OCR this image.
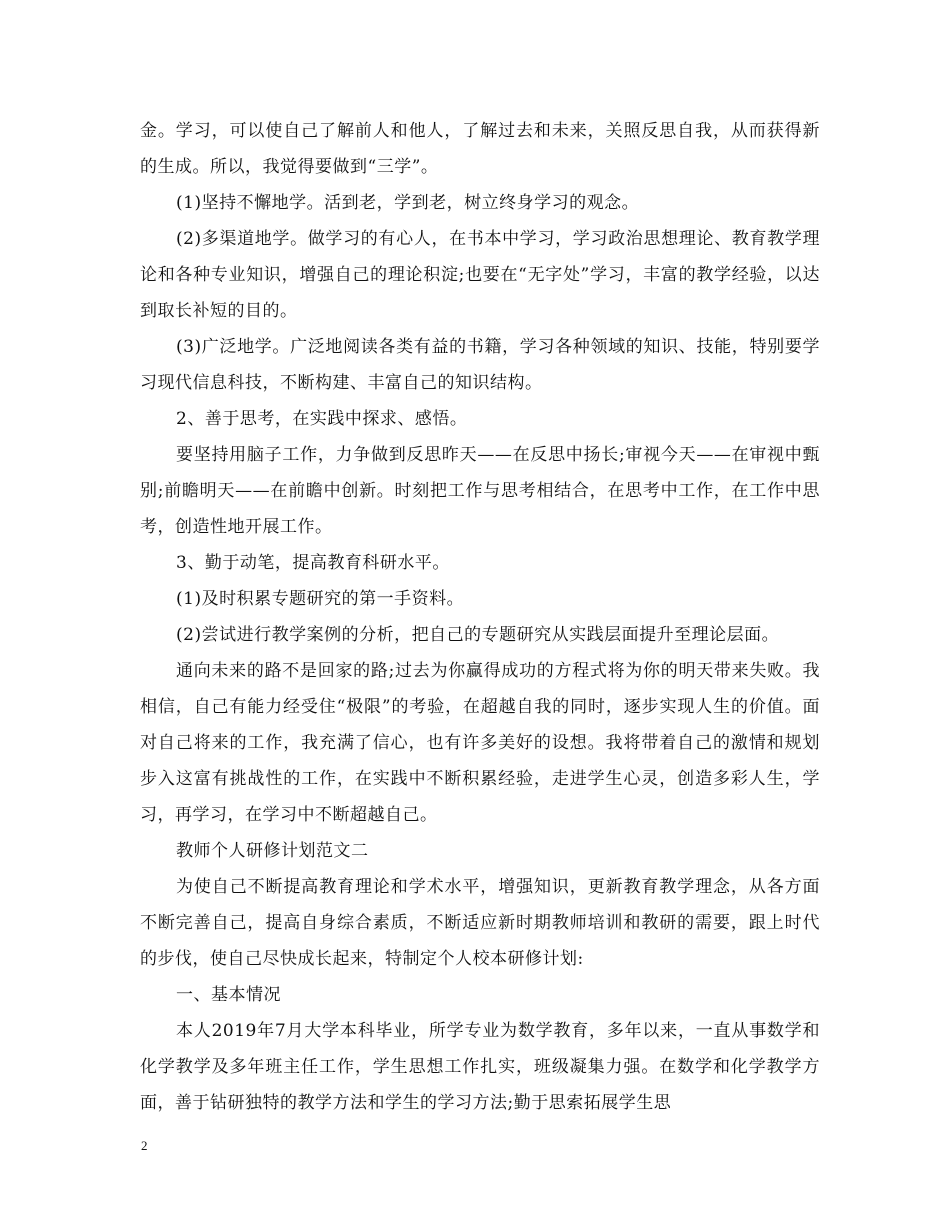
金。学习，可以使自己了解前人和他人，了解过去和未来，关照反思自我，从而获得新的生成。所以，我觉得要做到“三学”。

(1)坚持不懈地学。活到老，学到老，树立终身学习的观念。

(2)多渠道地学。做学习的有心人，在书本中学习，学习政治思想理论、教育教学理论和各种专业知识，增强自己的理论积淀;也要在“无字处”学习，丰富的教学经验，以达到取长补短的目的。

(3)广泛地学。广泛地阅读各类有益的书籍，学习各种领域的知识、技能，特别要学习现代信息科技，不断构建、丰富自己的知识结构。

2、善于思考，在实践中探求、感悟。

要坚持用脑子工作，力争做到反思昨天——在反思中扬长;审视今天——在审视中甄别;前瞻明天——在前瞻中创新。时刻把工作与思考相结合，在思考中工作，在工作中思考，创造性地开展工作。

3、勤于动笔，提高教育科研水平。

(1)及时积累专题研究的第一手资料。

(2)尝试进行教学案例的分析，把自己的专题研究从实践层面提升至理论层面。

通向未来的路不是回家的路;过去为你赢得成功的方程式将为你的明天带来失败。我相信，自己有能力经受住“极限”的考验，在超越自我的同时，逐步实现人生的价值。面对自己将来的工作，我充满了信心，也有许多美好的设想。我将带着自己的激情和规划步入这富有挑战性的工作，在实践中不断积累经验，走进学生心灵，创造多彩人生，学习，再学习，在学习中不断超越自己。

教师个人研修计划范文二

为使自己不断提高教育理论和学术水平，增强知识，更新教育教学理念，从各方面不断完善自己，提高自身综合素质，不断适应新时期教师培训和教研的需要，跟上时代的步伐，使自己尽快成长起来，特制定个人校本研修计划:

一、基本情况

本人2019年7月大学本科毕业，所学专业为数学教育，多年以来，一直从事数学和化学教学及多年班主任工作，学生思想工作扎实，班级凝集力强。在数学和化学教学方面，善于钻研独特的教学方法和学生的学习方法;勤于思索拓展学生思

2
